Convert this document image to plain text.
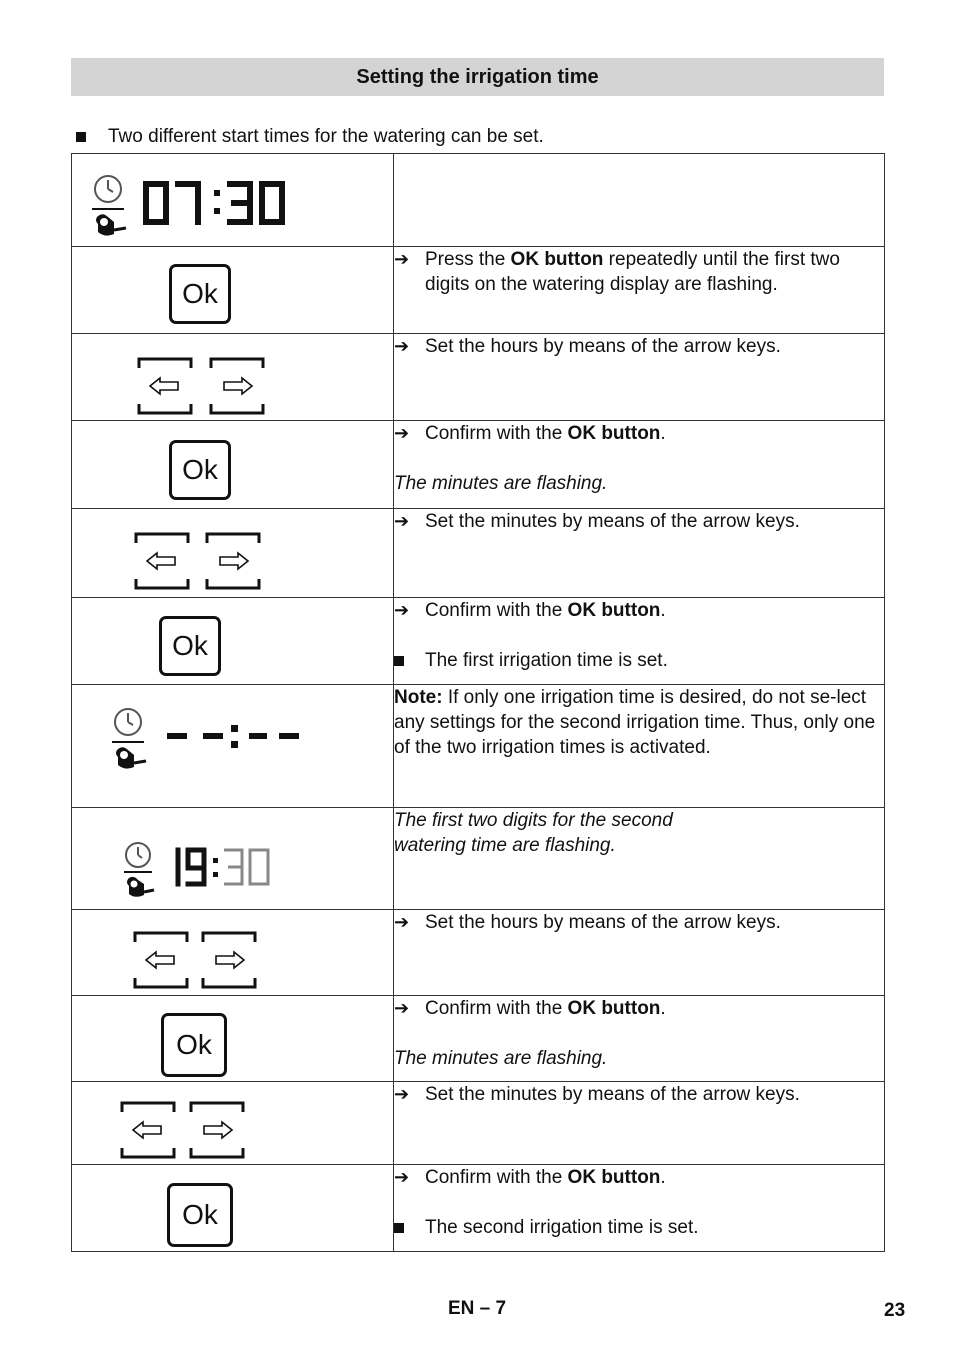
Setting the irrigation time
Two different start times for the watering can be set.

Ok	➔ Press the OK button repeatedly until the first two digits on the watering display are flashing.

➔ Set the hours by means of the arrow keys.

Ok	➔ Confirm with the OK button.
The minutes are flashing.

➔ Set the minutes by means of the arrow keys.

Ok	➔ Confirm with the OK button.
The first irrigation time is set.

Note: If only one irrigation time is desired, do not se-lect any settings for the second irrigation time. Thus, only one of the two irrigation times is activated.

The first two digits for the second watering time are flashing.

➔ Set the hours by means of the arrow keys.

Ok	➔ Confirm with the OK button.
The minutes are flashing.

➔ Set the minutes by means of the arrow keys.

Ok	➔ Confirm with the OK button.
The second irrigation time is set.
EN – 7	23
